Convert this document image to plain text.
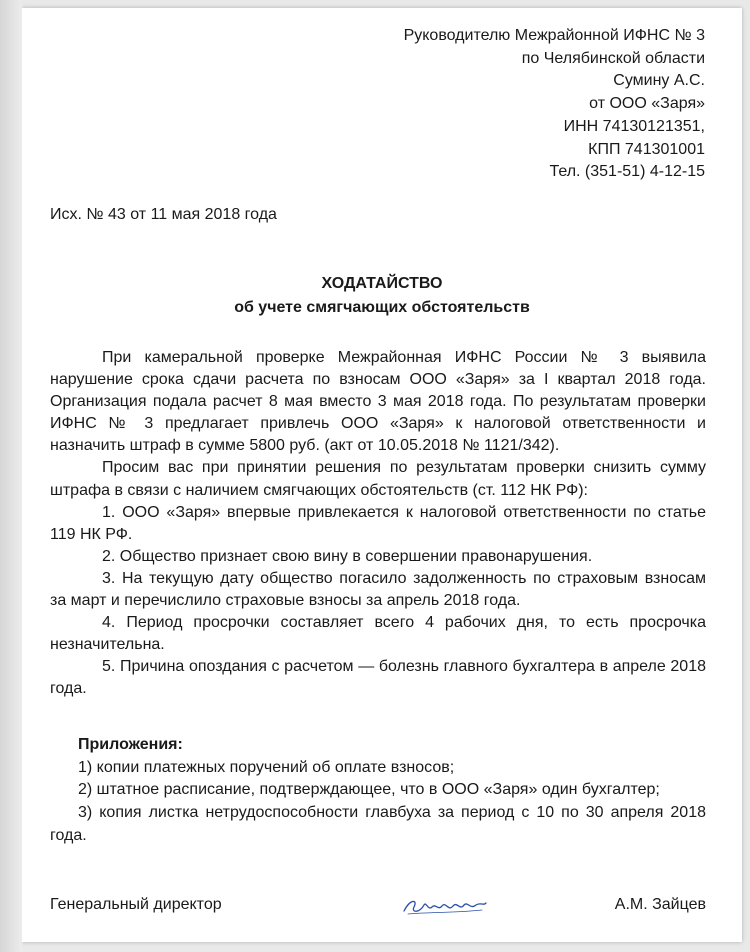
Руководителю Межрайонной ИФНС № 3
по Челябинской области
Сумину А.С.
от ООО «Заря»
ИНН 74130121351,
КПП 741301001
Тел. (351-51) 4-12-15
Исх. № 43 от 11 мая 2018 года
ХОДАТАЙСТВО
об учете смягчающих обстоятельств

При камеральной проверке Межрайонная ИФНС России № 3 выявила нарушение срока сдачи расчета по взносам ООО «Заря» за I квартал 2018 года. Организация подала расчет 8 мая вместо 3 мая 2018 года. По результатам проверки ИФНС № 3 предлагает привлечь ООО «Заря» к налоговой ответственности и назначить штраф в сумме 5800 руб. (акт от 10.05.2018 № 1121/342).

Просим вас при принятии решения по результатам проверки снизить сумму штрафа в связи с наличием смягчающих обстоятельств (ст. 112 НК РФ):

1. ООО «Заря» впервые привлекается к налоговой ответственности по статье 119 НК РФ.

2. Общество признает свою вину в совершении правонарушения.

3. На текущую дату общество погасило задолженность по страховым взносам за март и перечислило страховые взносы за апрель 2018 года.

4. Период просрочки составляет всего 4 рабочих дня, то есть просрочка незначительна.

5. Причина опоздания с расчетом — болезнь главного бухгалтера в апреле 2018 года.

Приложения:

1) копии платежных поручений об оплате взносов;

2) штатное расписание, подтверждающее, что в ООО «Заря» один бухгалтер;

3) копия листка нетрудоспособности главбуха за период с 10 по 30 апреля 2018 года.

Генеральный директор	А.М. Зайцев
